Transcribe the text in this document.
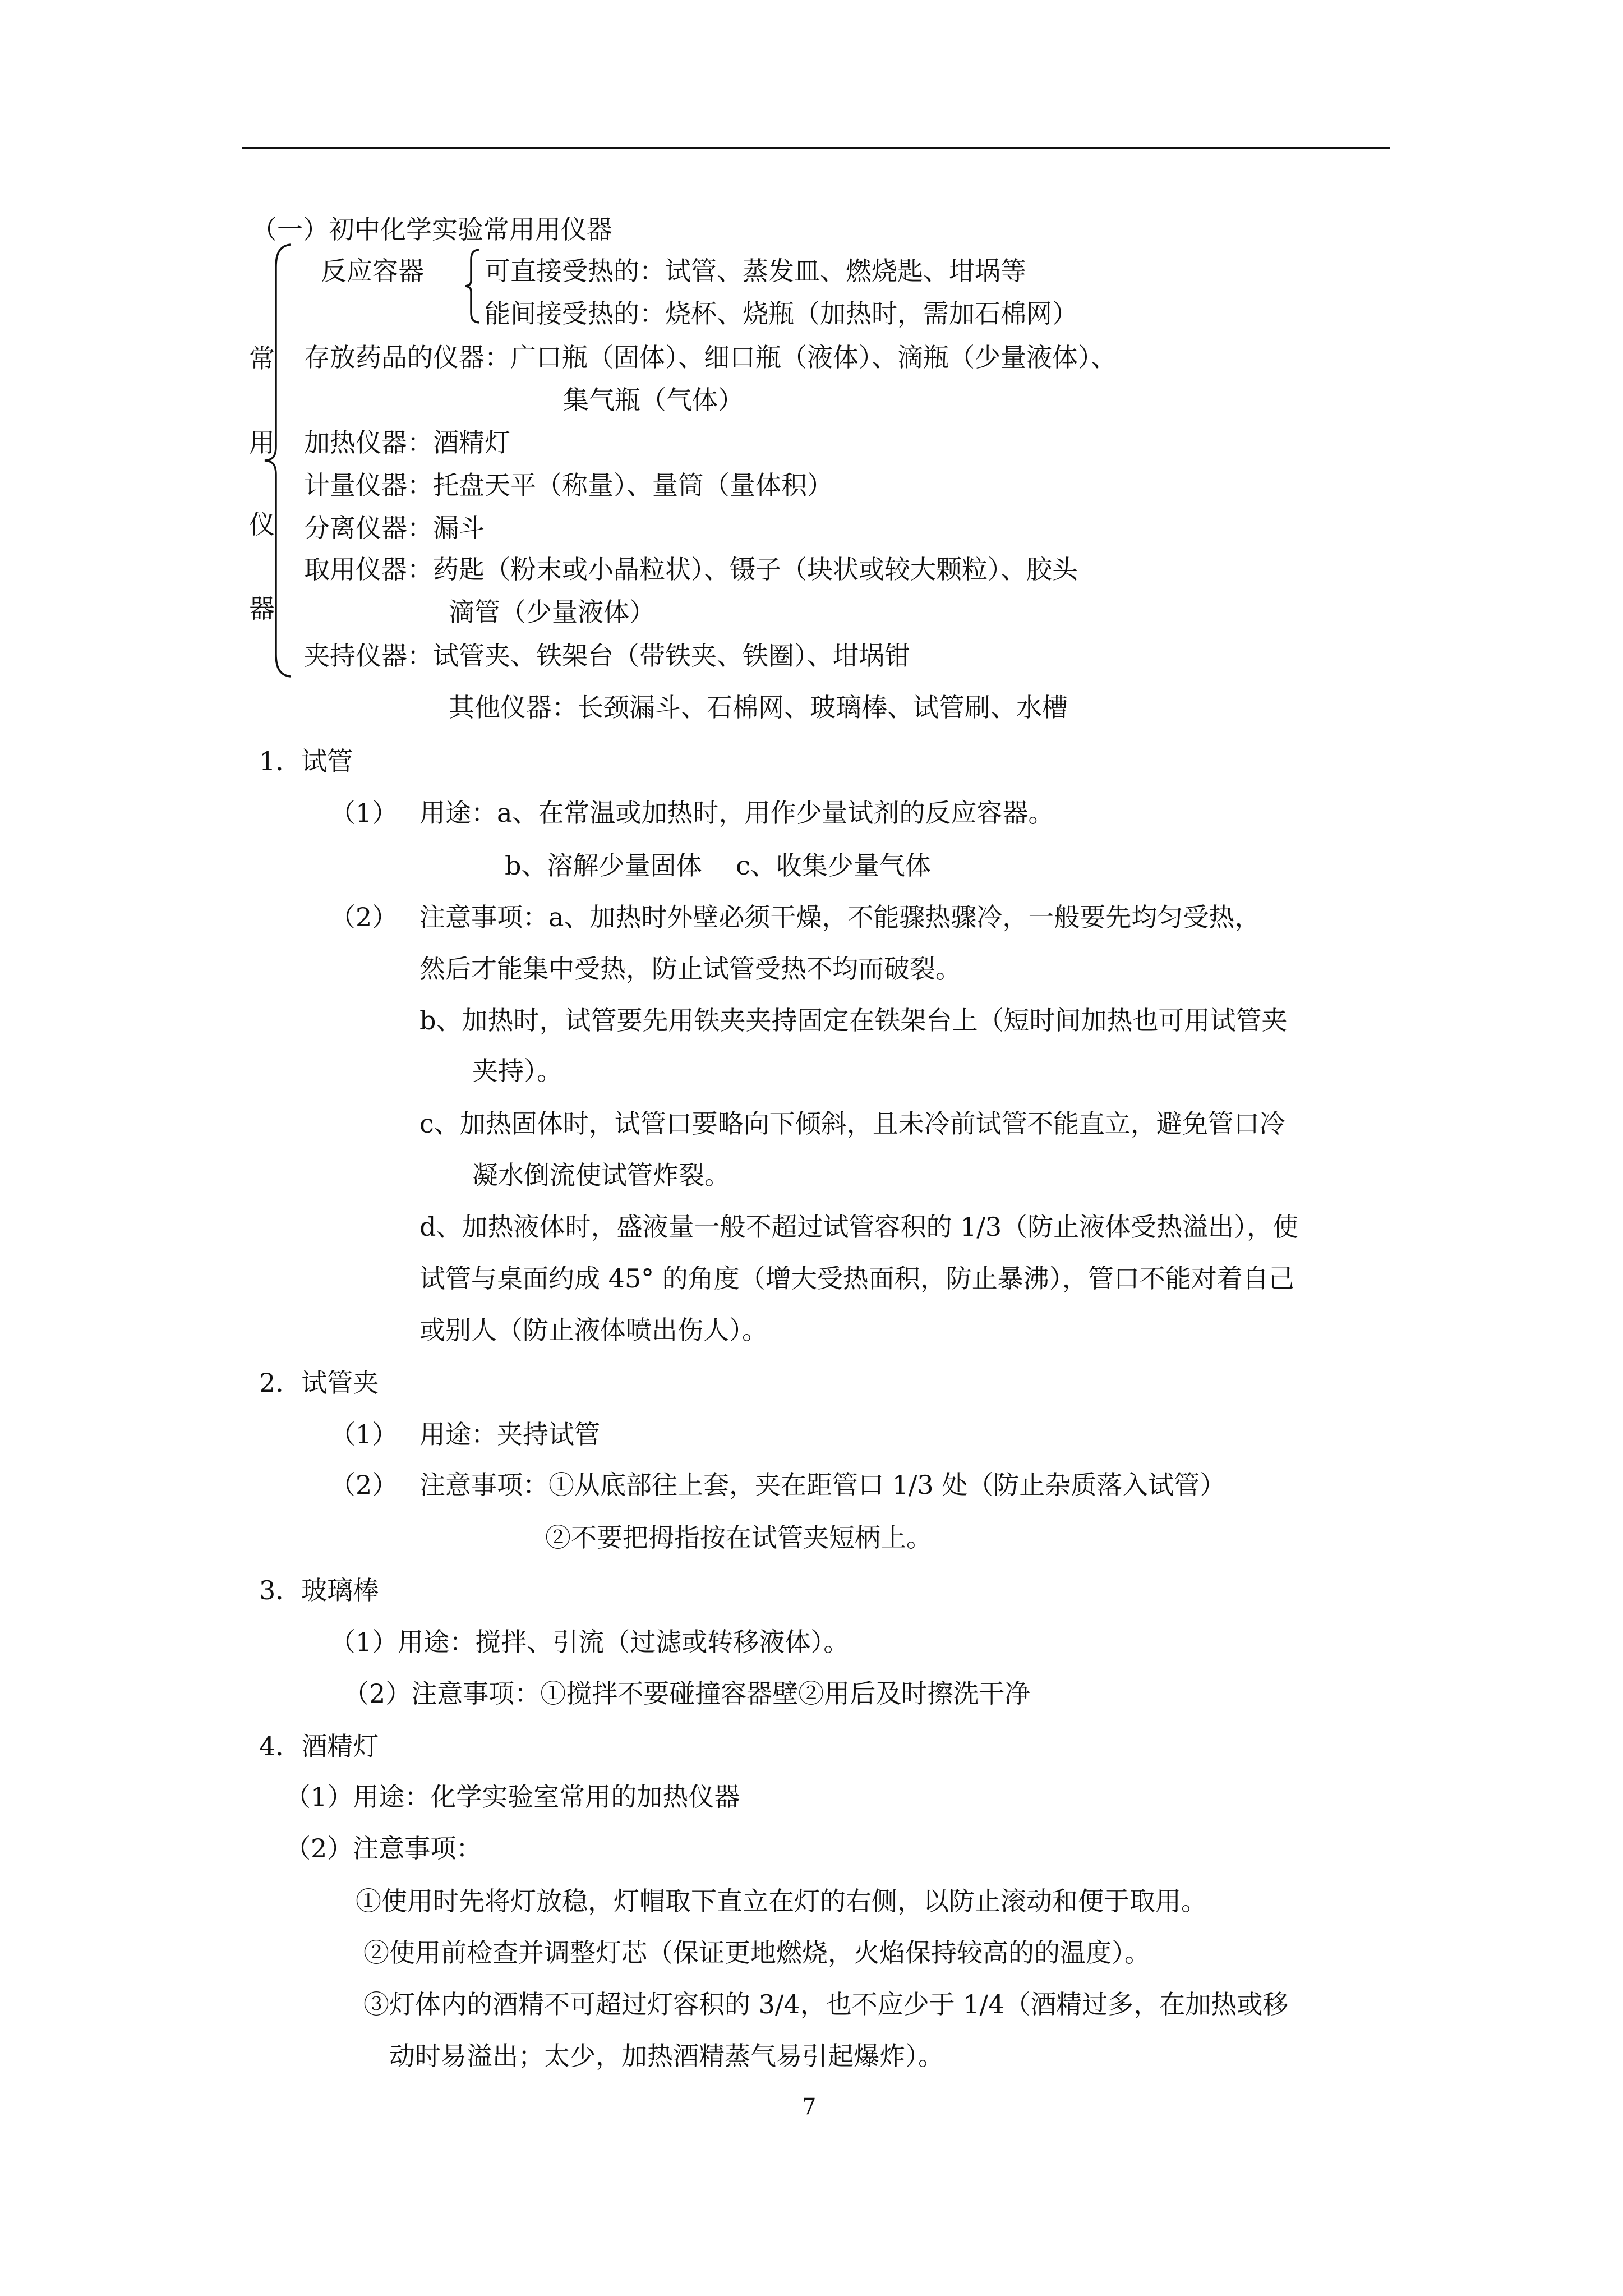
（一）初中化学实验常用用仪器
常
用
仪
器
反应容器 可直接受热的：试管、蒸发皿、燃烧匙、坩埚等
能间接受热的：烧杯、烧瓶（加热时，需加石棉网）
存放药品的仪器：广口瓶（固体）、细口瓶（液体）、滴瓶（少量液体）、
集气瓶（气体）
加热仪器：酒精灯
计量仪器：托盘天平（称量）、量筒（量体积）
分离仪器：漏斗
取用仪器：药匙（粉末或小晶粒状）、镊子（块状或较大颗粒）、胶头
滴管（少量液体）
夹持仪器：试管夹、铁架台（带铁夹、铁圈）、坩埚钳
其他仪器：长颈漏斗、石棉网、玻璃棒、试管刷、水槽
1．试管
（1） 用途：a、在常温或加热时，用作少量试剂的反应容器。
b、溶解少量固体　 c、收集少量气体
（2） 注意事项：a、加热时外壁必须干燥，不能骤热骤冷，一般要先均匀受热，
然后才能集中受热，防止试管受热不均而破裂。
b、加热时，试管要先用铁夹夹持固定在铁架台上（短时间加热也可用试管夹
夹持）。
c、加热固体时，试管口要略向下倾斜，且未冷前试管不能直立，避免管口冷
凝水倒流使试管炸裂。
d、加热液体时，盛液量一般不超过试管容积的 1/3（防止液体受热溢出），使
试管与桌面约成 45° 的角度（增大受热面积，防止暴沸），管口不能对着自己
或别人（防止液体喷出伤人）。
2．试管夹
（1） 用途：夹持试管
（2） 注意事项：①从底部往上套，夹在距管口 1/3 处（防止杂质落入试管）
②不要把拇指按在试管夹短柄上。
3．玻璃棒
（1）用途：搅拌、引流（过滤或转移液体）。
（2）注意事项：①搅拌不要碰撞容器壁②用后及时擦洗干净
4．酒精灯
（1）用途：化学实验室常用的加热仪器
（2）注意事项：
①使用时先将灯放稳，灯帽取下直立在灯的右侧，以防止滚动和便于取用。
②使用前检查并调整灯芯（保证更地燃烧，火焰保持较高的的温度）。
③灯体内的酒精不可超过灯容积的 3/4，也不应少于 1/4（酒精过多，在加热或移
动时易溢出；太少，加热酒精蒸气易引起爆炸）。
7
